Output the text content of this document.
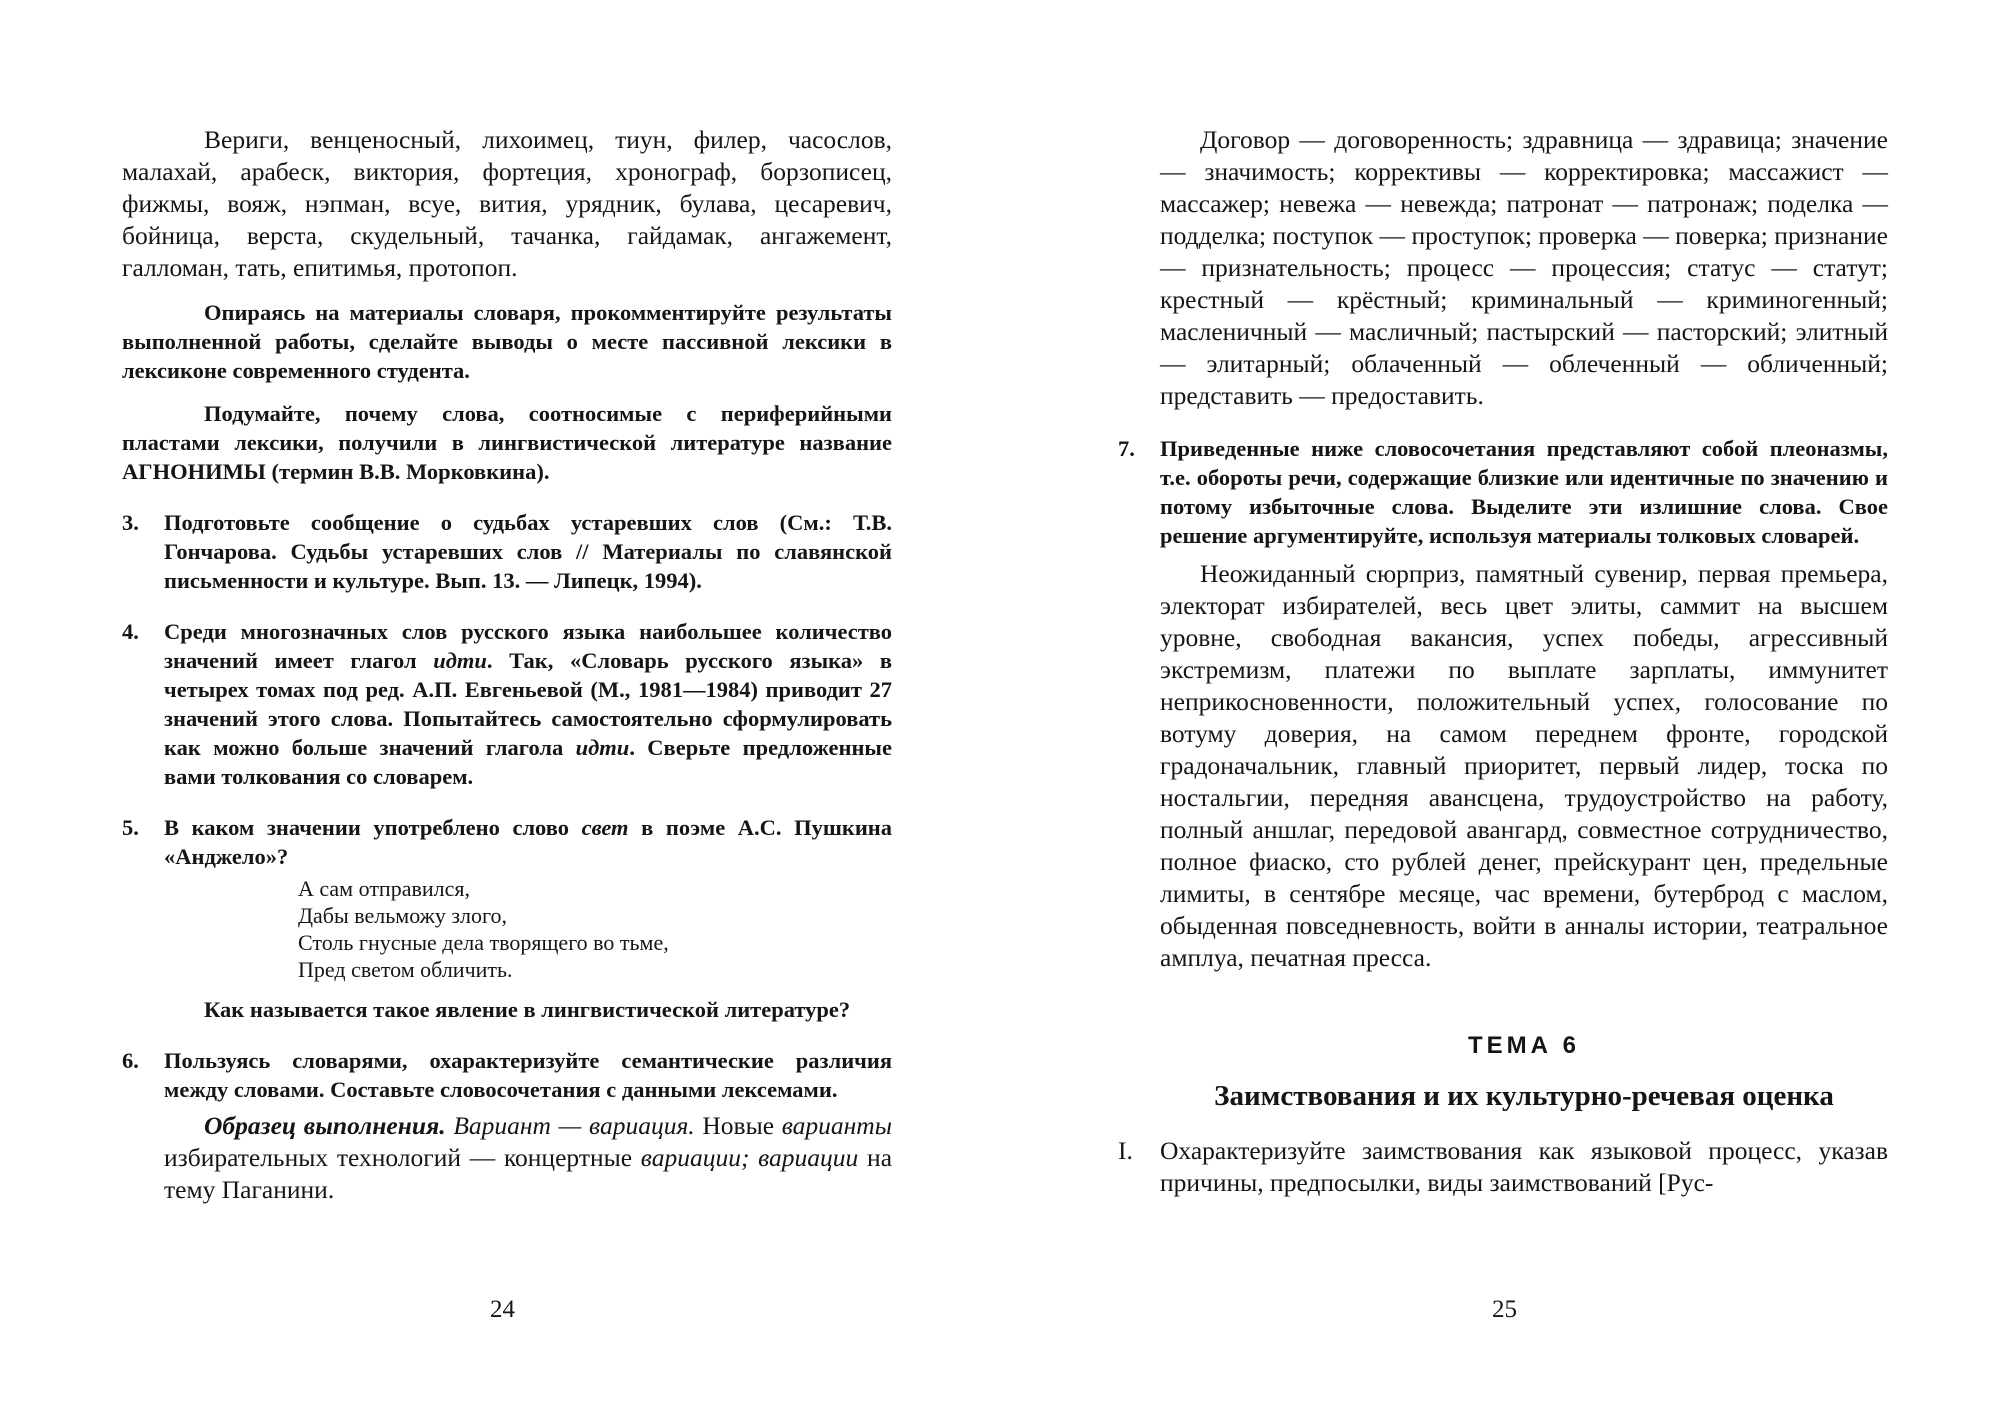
Вериги, венценосный, лихоимец, тиун, филер, часослов, малахай, арабеск, виктория, фортеция, хронограф, борзописец, фижмы, вояж, нэпман, всуе, вития, урядник, булава, цесаревич, бойница, верста, скудельный, тачанка, гайдамак, ангажемент, галломан, тать, епитимья, протопоп.

Опираясь на материалы словаря, прокомментируйте результаты выполненной работы, сделайте выводы о месте пассивной лексики в лексиконе современного студента.

Подумайте, почему слова, соотносимые с периферийными пластами лексики, получили в лингвистической литературе название АГНОНИМЫ (термин В.В. Морковкина).

3. Подготовьте сообщение о судьбах устаревших слов (См.: Т.В. Гончарова. Судьбы устаревших слов // Материалы по славянской письменности и культуре. Вып. 13. — Липецк, 1994).
4. Среди многозначных слов русского языка наибольшее количество значений имеет глагол идти. Так, «Словарь русского языка» в четырех томах под ред. А.П. Евгеньевой (М., 1981—1984) приводит 27 значений этого слова. Попытайтесь самостоятельно сформулировать как можно больше значений глагола идти. Сверьте предложенные вами толкования со словарем.
5. В каком значении употреблено слово свет в поэме А.С. Пушкина «Анджело»?
А сам отправился,
Дабы вельможу злого,
Столь гнусные дела творящего во тьме,
Пред светом обличить.

Как называется такое явление в лингвистической литературе?

6. Пользуясь словарями, охарактеризуйте семантические различия между словами. Составьте словосочетания с данными лексемами.

Образец выполнения. Вариант — вариация. Новые варианты избирательных технологий — концертные вариации; вариации на тему Паганини.

24

Договор — договоренность; здравница — здравица; значение — значимость; коррективы — корректировка; массажист — массажер; невежа — невежда; патронат — патронаж; поделка — подделка; поступок — проступок; проверка — поверка; признание — признательность; процесс — процессия; статус — статут; крестный — крёстный; криминальный — криминогенный; масленичный — масличный; пастырский — пасторский; элитный — элитарный; облаченный — облеченный — обличенный; представить — предоставить.

7. Приведенные ниже словосочетания представляют собой плеоназмы, т.е. обороты речи, содержащие близкие или идентичные по значению и потому избыточные слова. Выделите эти излишние слова. Свое решение аргументируйте, используя материалы толковых словарей.

Неожиданный сюрприз, памятный сувенир, первая премьера, электорат избирателей, весь цвет элиты, саммит на высшем уровне, свободная вакансия, успех победы, агрессивный экстремизм, платежи по выплате зарплаты, иммунитет неприкосновенности, положительный успех, голосование по вотуму доверия, на самом переднем фронте, городской градоначальник, главный приоритет, первый лидер, тоска по ностальгии, передняя авансцена, трудоустройство на работу, полный аншлаг, передовой авангард, совместное сотрудничество, полное фиаско, сто рублей денег, прейскурант цен, предельные лимиты, в сентябре месяце, час времени, бутерброд с маслом, обыденная повседневность, войти в анналы истории, театральное амплуа, печатная пресса.

ТЕМА 6

Заимствования и их культурно-речевая оценка

I. Охарактеризуйте заимствования как языковой процесс, указав причины, предпосылки, виды заимствований [Рус-
25
